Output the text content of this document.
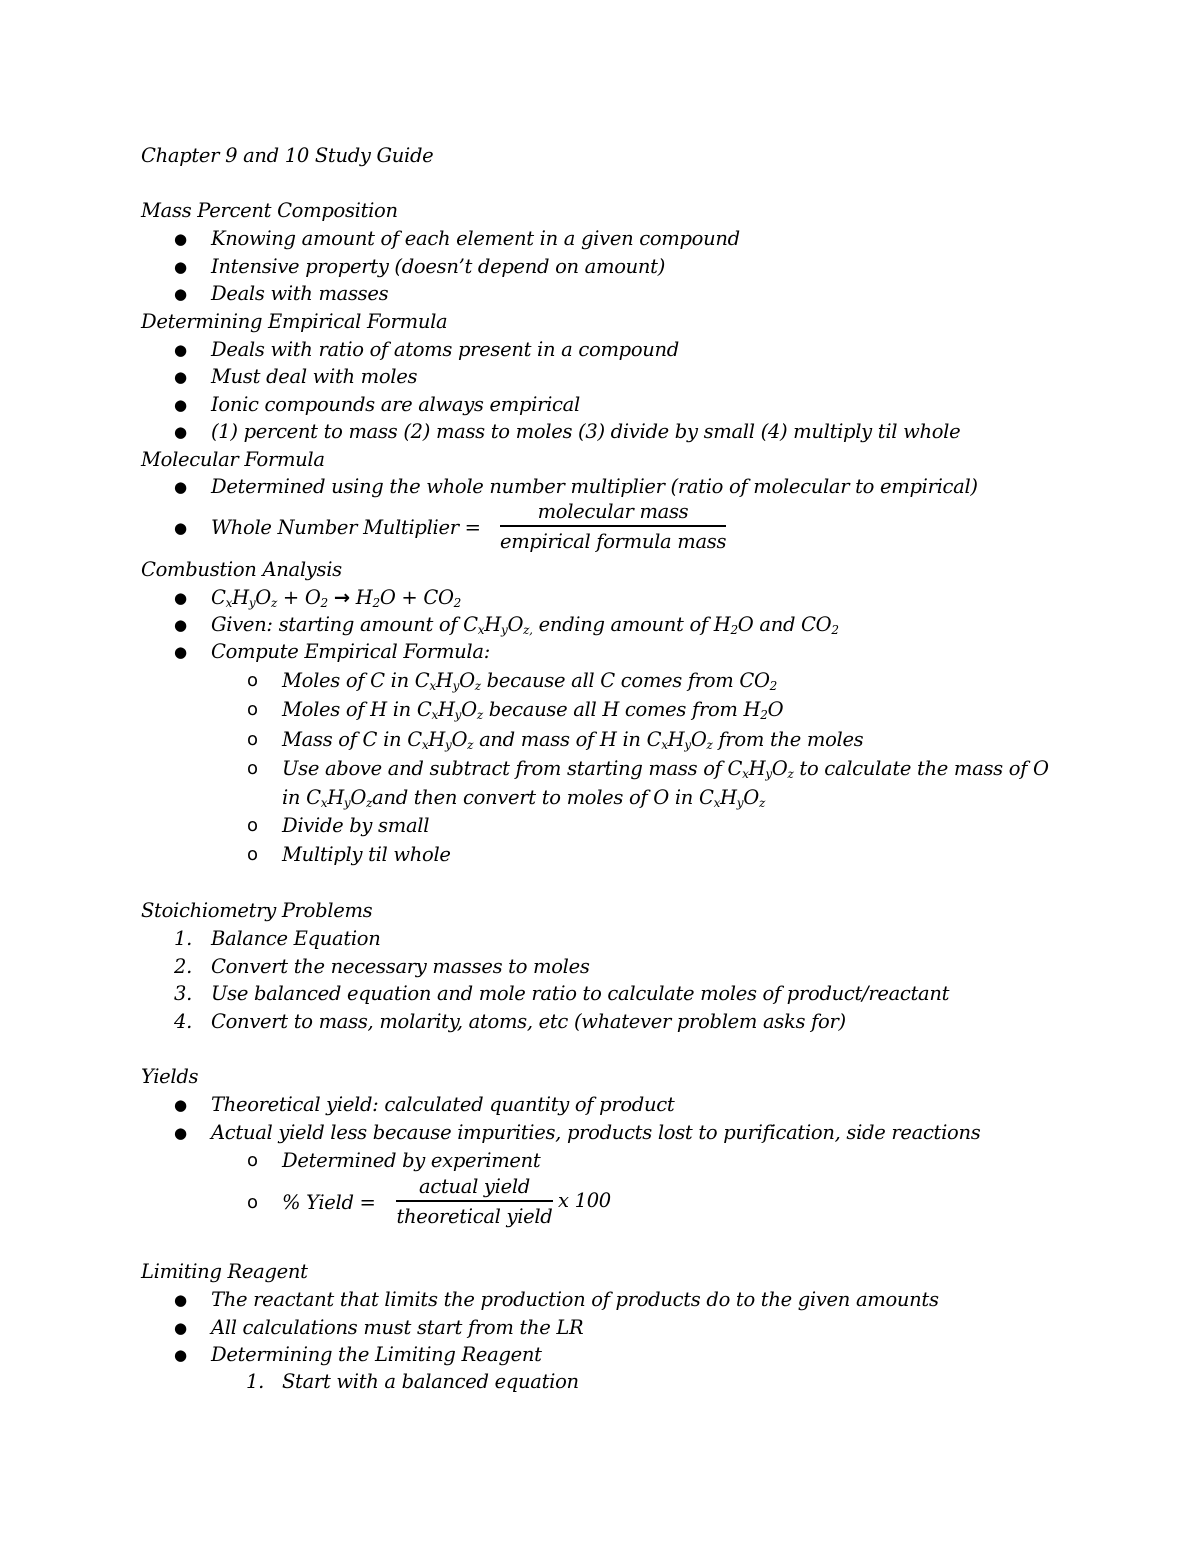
Chapter 9 and 10 Study Guide
Mass Percent Composition
● Knowing amount of each element in a given compound
● Intensive property (doesn’t depend on amount)
● Deals with masses
Determining Empirical Formula
● Deals with ratio of atoms present in a compound
● Must deal with moles
● Ionic compounds are always empirical
● (1) percent to mass (2) mass to moles (3) divide by small (4) multiply til whole
Molecular Formula
● Determined using the whole number multiplier (ratio of molecular to empirical)
● Whole Number Multiplier =
molecular mass
empirical formula mass
Combustion Analysis
● $C_xH_yO_z + O_2 \to H_2O + CO_2$
● Given: starting amount of $C_xH_yO_{z,}$ ending amount of $H_2O$ and $CO_2$
● Compute Empirical Formula:
o Moles of C in $C_xH_yO_z$ because all C comes from $CO_2$
o Moles of H in $C_xH_yO_z$ because all H comes from $H_2O$
o Mass of C in $C_xH_yO_z$ and mass of H in $C_xH_yO_z$ from the moles
o Use above and subtract from starting mass of $C_xH_yO_z$ to calculate the mass of O
in $C_xH_yO_zand$ then convert to moles of O in $C_xH_yO_z$
o Divide by small
o Multiply til whole
Stoichiometry Problems
1. Balance Equation
2. Convert the necessary masses to moles
3. Use balanced equation and mole ratio to calculate moles of product/reactant
4. Convert to mass, molarity, atoms, etc (whatever problem asks for)
Yields
● Theoretical yield: calculated quantity of product
● Actual yield less because impurities, products lost to purification, side reactions
o Determined by experiment
o % Yield =
actual yield
theoretical yield
x 100
Limiting Reagent
● The reactant that limits the production of products do to the given amounts
● All calculations must start from the LR
● Determining the Limiting Reagent
1. Start with a balanced equation
